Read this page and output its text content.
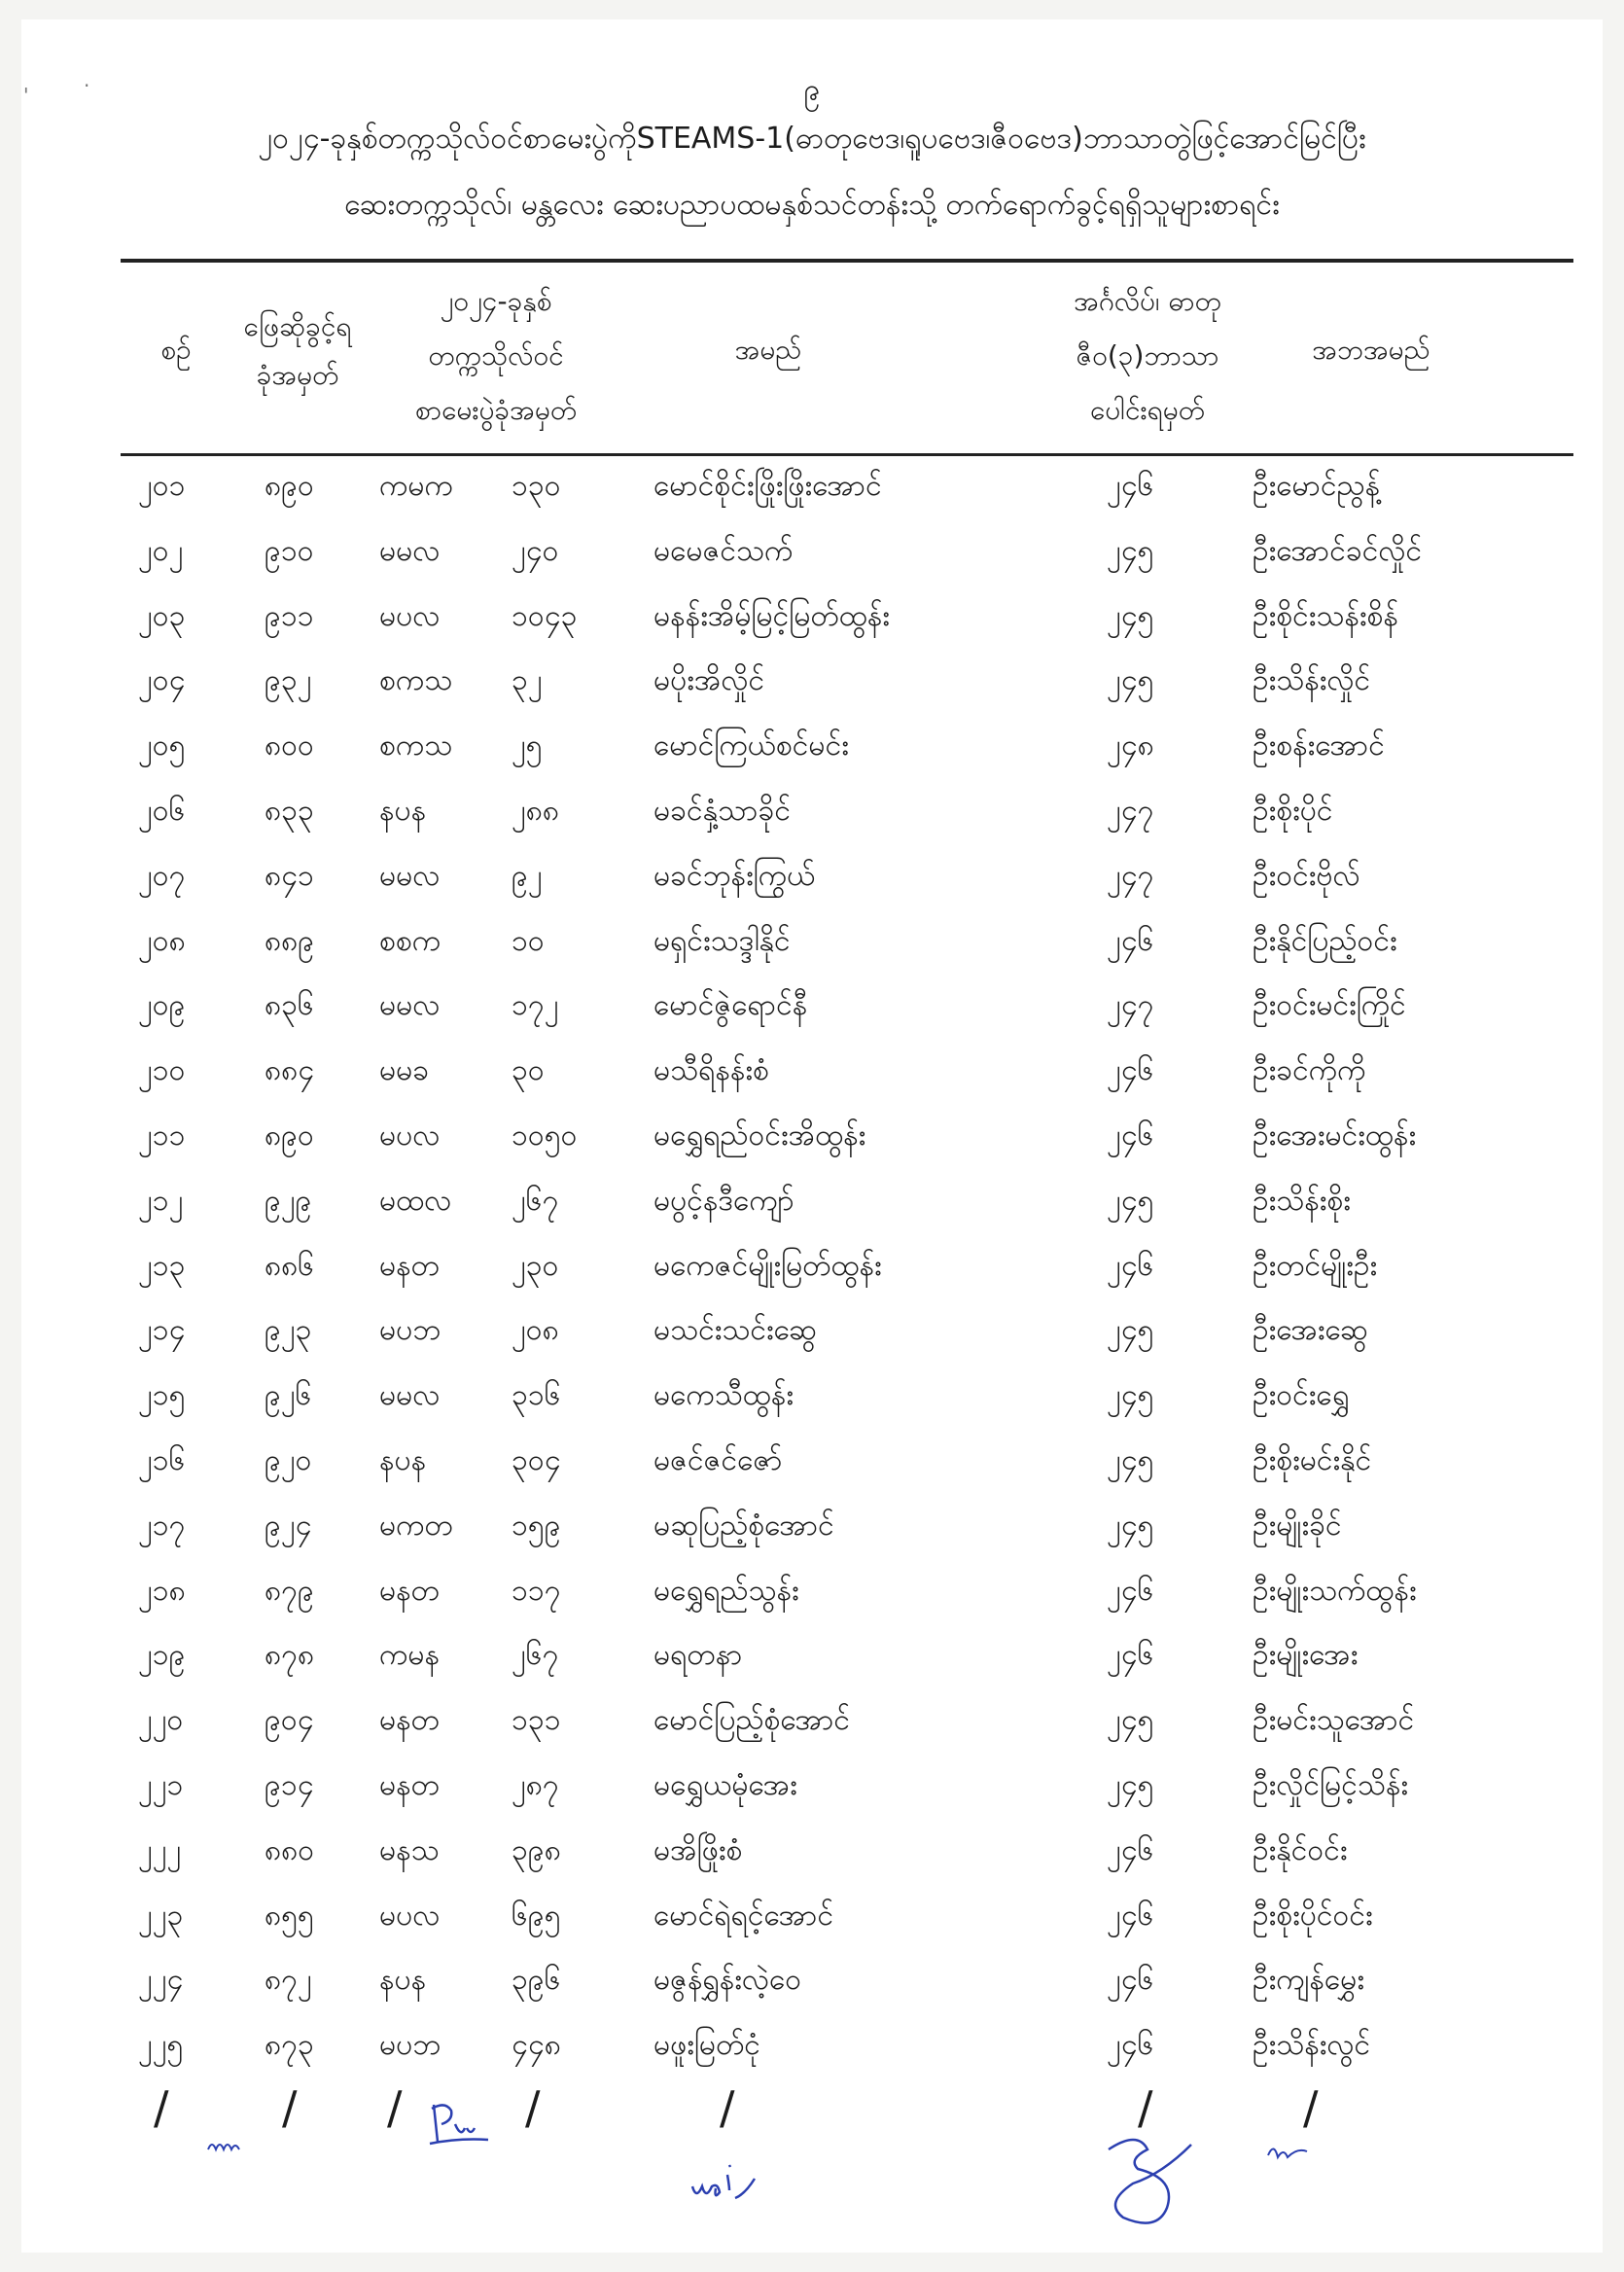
၉
၂၀၂၄-ခုနှစ်တက္ကသိုလ်ဝင်စာမေးပွဲကိုSTEAMS-1(ဓာတုဗေဒ၊ရူပဗေဒ၊ဇီဝဗေဒ)ဘာသာတွဲဖြင့်အောင်မြင်ပြီး
ဆေးတက္ကသိုလ်၊ မန္တလေး ဆေးပညာပထမနှစ်သင်တန်းသို့ တက်ရောက်ခွင့်ရရှိသူများစာရင်း
စဉ်
ဖြေဆိုခွင့်ရ
ခုံအမှတ်
၂၀၂၄-ခုနှစ်
တက္ကသိုလ်ဝင်
စာမေးပွဲခုံအမှတ်
အမည်
အင်္ဂလိပ်၊ ဓာတု
ဇီဝ(၃)ဘာသာ
ပေါင်းရမှတ်
အဘအမည်
၂၀၁	၈၉၀	ကမက	၁၃၀	မောင်စိုင်းဖြိုးဖြိုးအောင်	၂၄၆	ဦးမောင်ညွန့်
၂၀၂	၉၁၀	မမလ	၂၄၀	မမေဇင်သက်	၂၄၅	ဦးအောင်ခင်လှိုင်
၂၀၃	၉၁၁	မပလ	၁၀၄၃	မနန်းအိမ့်မြင့်မြတ်ထွန်း	၂၄၅	ဦးစိုင်းသန်းစိန်
၂၀၄	၉၃၂	စကသ	၃၂	မပိုးအိလှိုင်	၂၄၅	ဦးသိန်းလှိုင်
၂၀၅	၈၀၀	စကသ	၂၅	မောင်ကြယ်စင်မင်း	၂၄၈	ဦးစန်းအောင်
၂၀၆	၈၃၃	နပန	၂၈၈	မခင်နှံ့သာခိုင်	၂၄၇	ဦးစိုးပိုင်
၂၀၇	၈၄၁	မမလ	၉၂	မခင်ဘုန်းကြွယ်	၂၄၇	ဦးဝင်းဗိုလ်
၂၀၈	၈၈၉	စစက	၁၀	မရှင်းသဒ္ဒါနိုင်	၂၄၆	ဦးနိုင်ပြည့်ဝင်း
၂၀၉	၈၃၆	မမလ	၁၇၂	မောင်ဇွဲရောင်နီ	၂၄၇	ဦးဝင်းမင်းကြိုင်
၂၁၀	၈၈၄	မမခ	၃၀	မသီရိနန်းစံ	၂၄၆	ဦးခင်ကိုကို
၂၁၁	၈၉၀	မပလ	၁၀၅၀	မရွှေရည်ဝင်းအိထွန်း	၂၄၆	ဦးအေးမင်းထွန်း
၂၁၂	၉၂၉	မထလ	၂၆၇	မပွင့်နဒီကျော်	၂၄၅	ဦးသိန်းစိုး
၂၁၃	၈၈၆	မနတ	၂၃၀	မကေဇင်မျိုးမြတ်ထွန်း	၂၄၆	ဦးတင်မျိုးဦး
၂၁၄	၉၂၃	မပဘ	၂၀၈	မသင်းသင်းဆွေ	၂၄၅	ဦးအေးဆွေ
၂၁၅	၉၂၆	မမလ	၃၁၆	မကေသီထွန်း	၂၄၅	ဦးဝင်းရွှေ
၂၁၆	၉၂၀	နပန	၃၀၄	မဇင်ဇင်ဇော်	၂၄၅	ဦးစိုးမင်းနိုင်
၂၁၇	၉၂၄	မကတ	၁၅၉	မဆုပြည့်စုံအောင်	၂၄၅	ဦးမျိုးခိုင်
၂၁၈	၈၇၉	မနတ	၁၁၇	မရွှေရည်သွန်း	၂၄၆	ဦးမျိုးသက်ထွန်း
၂၁၉	၈၇၈	ကမန	၂၆၇	မရတနာ	၂၄၆	ဦးမျိုးအေး
၂၂၀	၉၀၄	မနတ	၁၃၁	မောင်ပြည့်စုံအောင်	၂၄၅	ဦးမင်းသူအောင်
၂၂၁	၉၁၄	မနတ	၂၈၇	မရွှေယမုံအေး	၂၄၅	ဦးလှိုင်မြင့်သိန်း
၂၂၂	၈၈၀	မနသ	၃၉၈	မအိဖြိုးစံ	၂၄၆	ဦးနိုင်ဝင်း
၂၂၃	၈၅၅	မပလ	၆၉၅	မောင်ရဲရင့်အောင်	၂၄၆	ဦးစိုးပိုင်ဝင်း
၂၂၄	၈၇၂	နပန	၃၉၆	မဇွန်ရွှန်းလဲ့ဝေ	၂၄၆	ဦးကျန်မွှေး
၂၂၅	၈၇၃	မပဘ	၄၄၈	မဖူးမြတ်ငုံ	၂၄၆	ဦးသိန်းလွင်
/	/ /	/	/	/	/
'	·
